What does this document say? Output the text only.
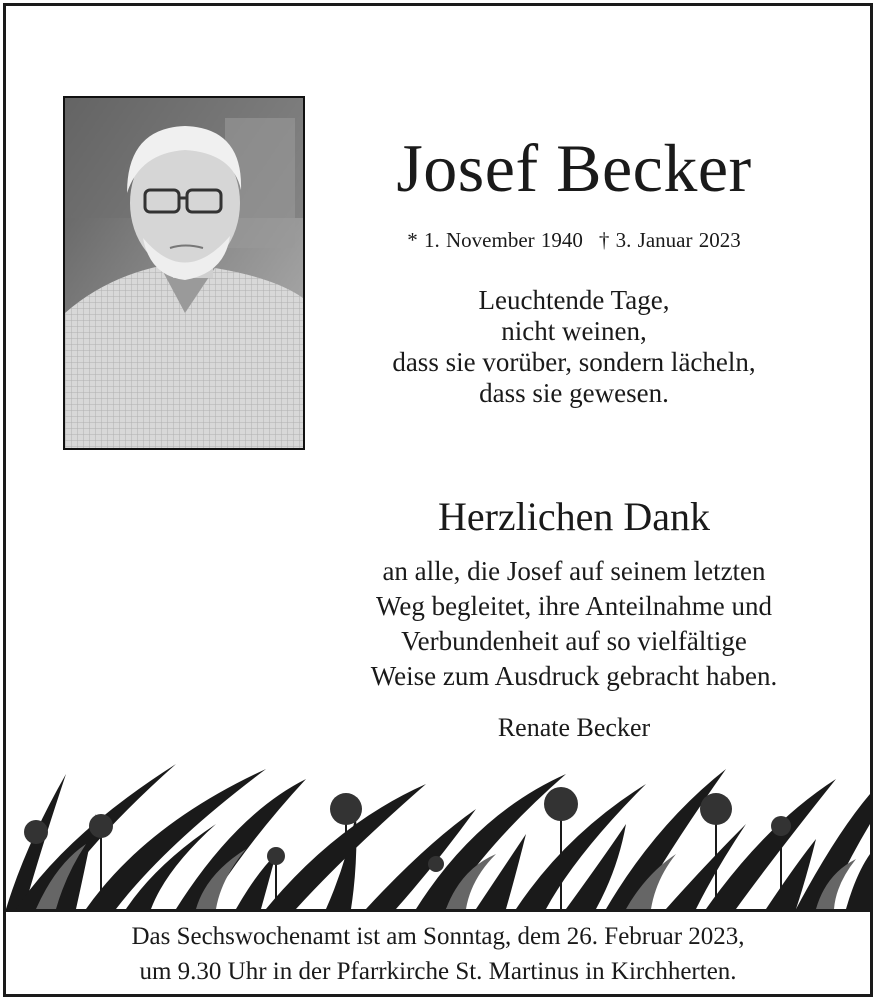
Josef Becker
* 1. November 1940 † 3. Januar 2023
Leuchtende Tage,
nicht weinen,
dass sie vorüber, sondern lächeln,
dass sie gewesen.
Herzlichen Dank
an alle, die Josef auf seinem letzten
Weg begleitet, ihre Anteilnahme und
Verbundenheit auf so vielfältige
Weise zum Ausdruck gebracht haben.
Renate Becker
Das Sechswochenamt ist am Sonntag, dem 26. Februar 2023,
um 9.30 Uhr in der Pfarrkirche St. Martinus in Kirchherten.
